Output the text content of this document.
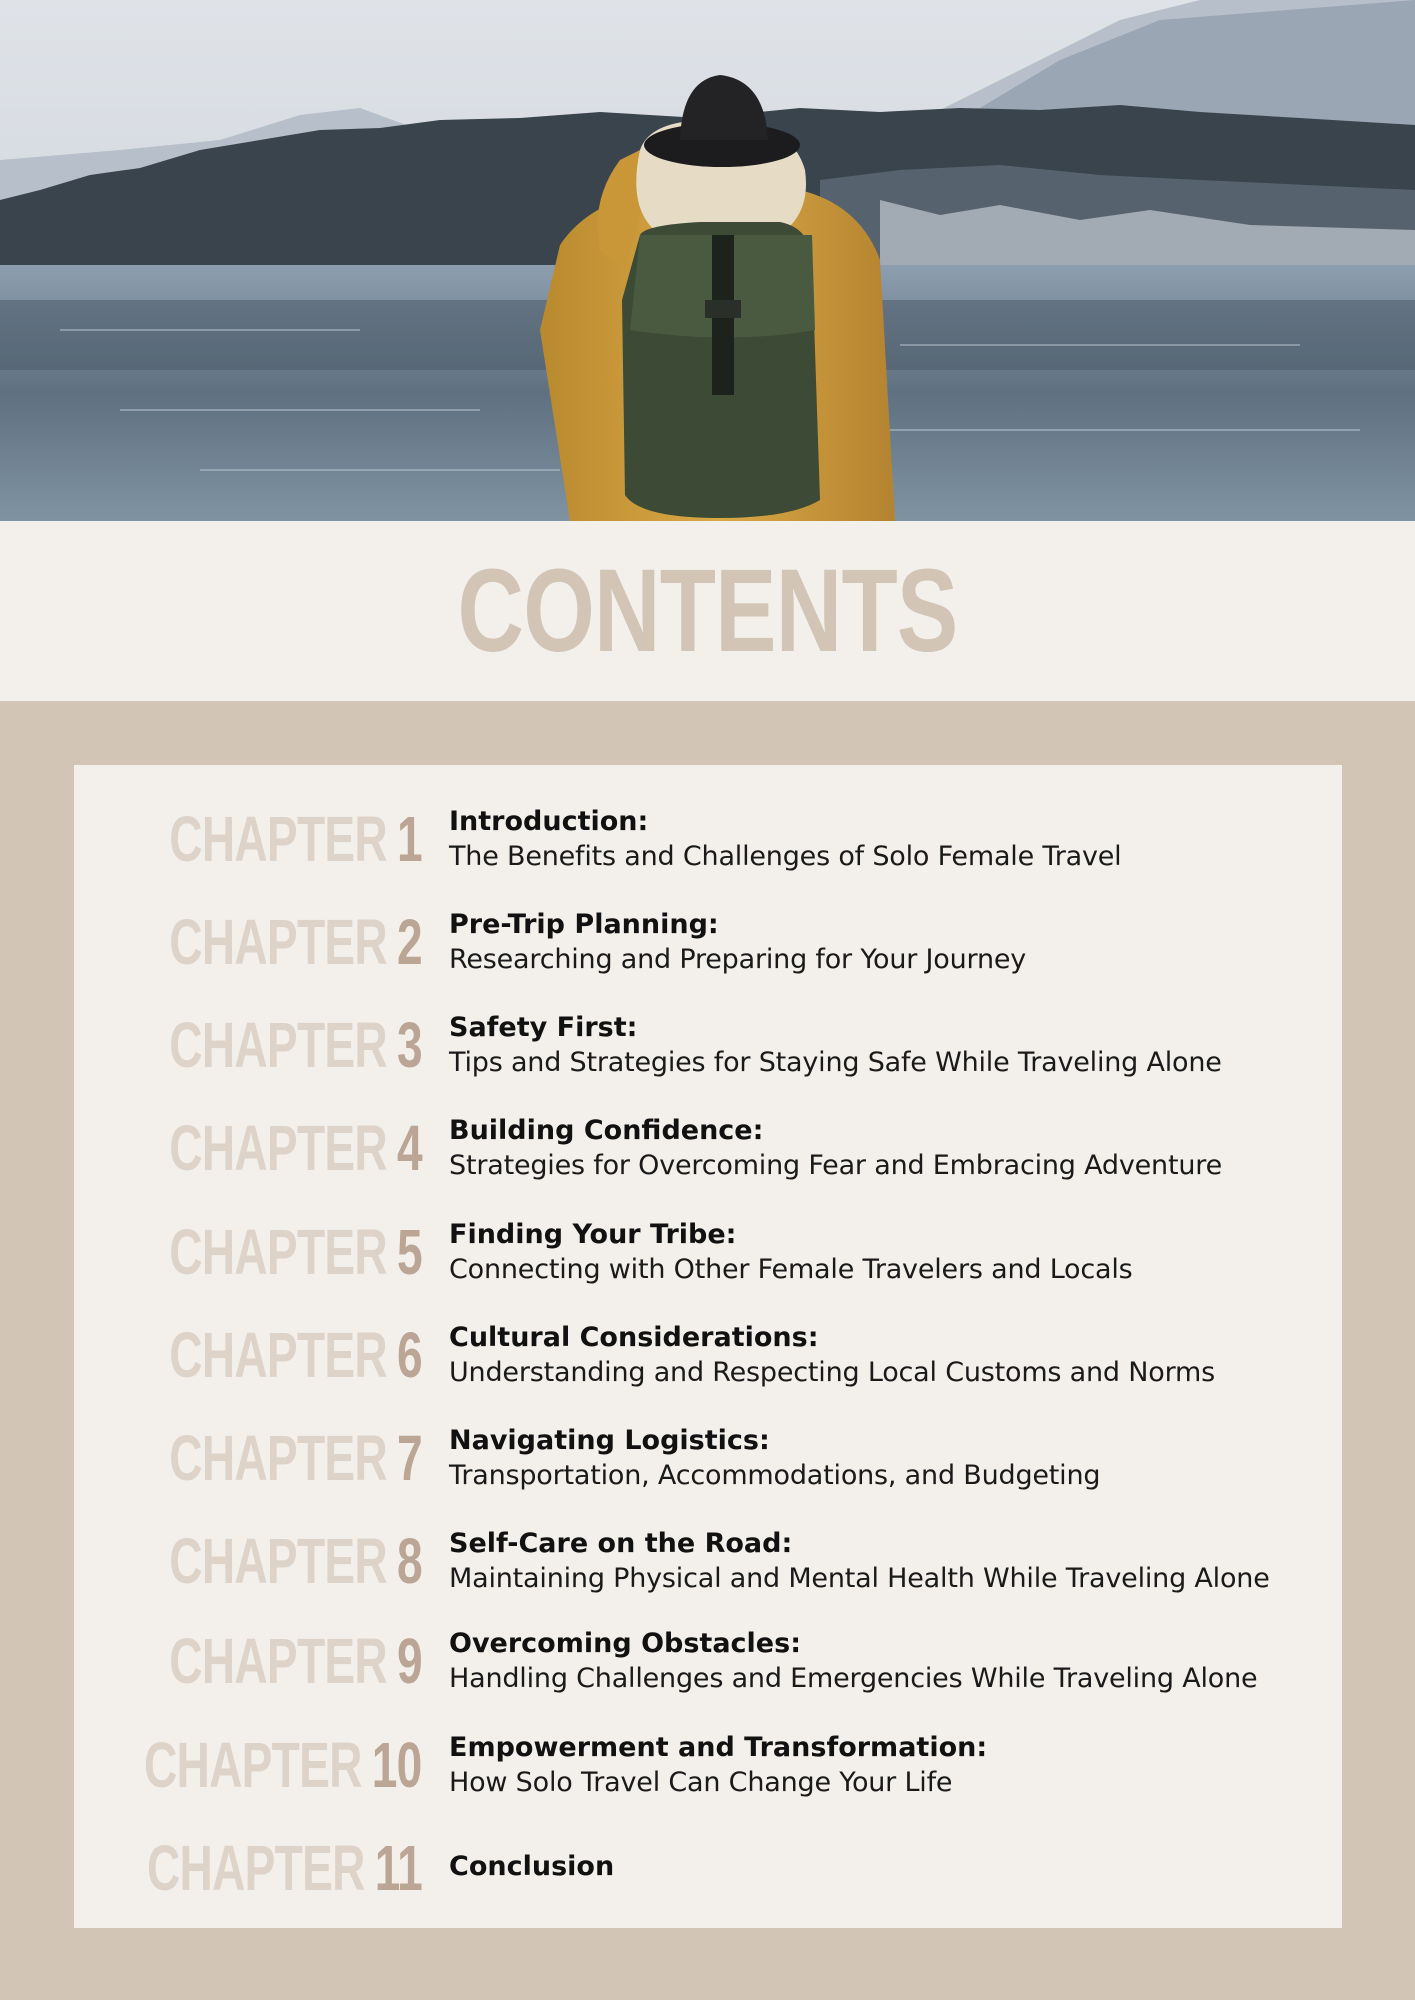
CONTENTS
CHAPTER 1 Introduction:
The Benefits and Challenges of Solo Female Travel
CHAPTER 2 Pre-Trip Planning:
Researching and Preparing for Your Journey
CHAPTER 3 Safety First:
Tips and Strategies for Staying Safe While Traveling Alone
CHAPTER 4 Building Confidence:
Strategies for Overcoming Fear and Embracing Adventure
CHAPTER 5 Finding Your Tribe:
Connecting with Other Female Travelers and Locals
CHAPTER 6 Cultural Considerations:
Understanding and Respecting Local Customs and Norms
CHAPTER 7 Navigating Logistics:
Transportation, Accommodations, and Budgeting
CHAPTER 8 Self-Care on the Road:
Maintaining Physical and Mental Health While Traveling Alone
CHAPTER 9 Overcoming Obstacles:
Handling Challenges and Emergencies While Traveling Alone
CHAPTER 10 Empowerment and Transformation:
How Solo Travel Can Change Your Life
CHAPTER 11 Conclusion
